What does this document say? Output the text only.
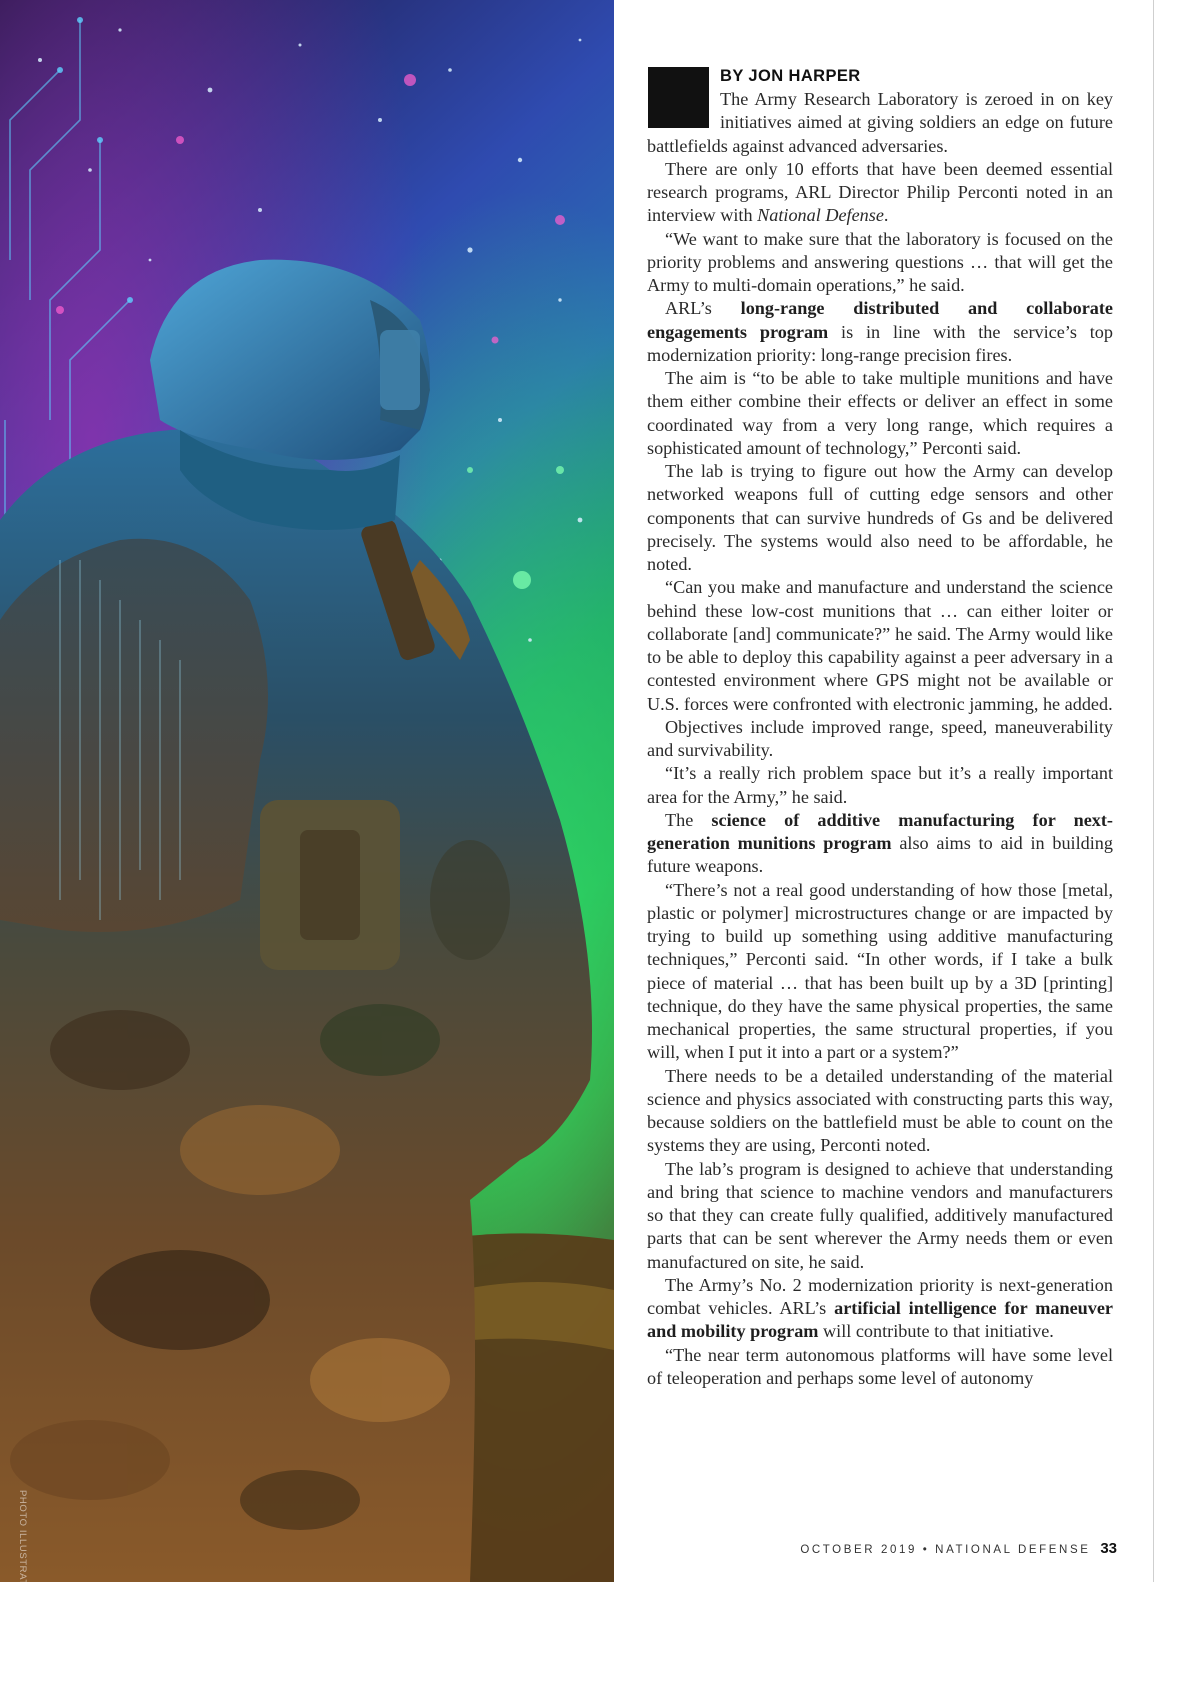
PHOTO ILLUSTRATION / ARMY / ISTOCK
BY JON HARPER

The Army Research Laboratory is zeroed in on key initiatives aimed at giving soldiers an edge on future battlefields against advanced adversaries.

There are only 10 efforts that have been deemed essential research programs, ARL Director Philip Perconti noted in an interview with National Defense.

“We want to make sure that the laboratory is focused on the priority problems and answering questions … that will get the Army to multi-domain operations,” he said.

ARL’s long-range distributed and collaborate engagements program is in line with the service’s top modernization priority: long-range precision fires.

The aim is “to be able to take multiple munitions and have them either combine their effects or deliver an effect in some coordinated way from a very long range, which requires a sophisticated amount of technology,” Perconti said.

The lab is trying to figure out how the Army can develop networked weapons full of cutting edge sensors and other components that can survive hundreds of Gs and be delivered precisely. The systems would also need to be affordable, he noted.

“Can you make and manufacture and understand the science behind these low-cost munitions that … can either loiter or collaborate [and] communicate?” he said. The Army would like to be able to deploy this capability against a peer adversary in a contested environment where GPS might not be available or U.S. forces were confronted with electronic jamming, he added.

Objectives include improved range, speed, maneuverability and survivability.

“It’s a really rich problem space but it’s a really important area for the Army,” he said.

The science of additive manufacturing for next-generation munitions program also aims to aid in building future weapons.

“There’s not a real good understanding of how those [metal, plastic or polymer] microstructures change or are impacted by trying to build up something using additive manufacturing techniques,” Perconti said. “In other words, if I take a bulk piece of material … that has been built up by a 3D [printing] technique, do they have the same physical properties, the same mechanical properties, the same structural properties, if you will, when I put it into a part or a system?”

There needs to be a detailed understanding of the material science and physics associated with constructing parts this way, because soldiers on the battlefield must be able to count on the systems they are using, Perconti noted.

The lab’s program is designed to achieve that understanding and bring that science to machine vendors and manufacturers so that they can create fully qualified, additively manufactured parts that can be sent wherever the Army needs them or even manufactured on site, he said.

The Army’s No. 2 modernization priority is next-generation combat vehicles. ARL’s artificial intelligence for maneuver and mobility program will contribute to that initiative.

“The near term autonomous platforms will have some level of teleoperation and perhaps some level of autonomy

OCTOBER 2019 • NATIONAL DEFENSE 33
